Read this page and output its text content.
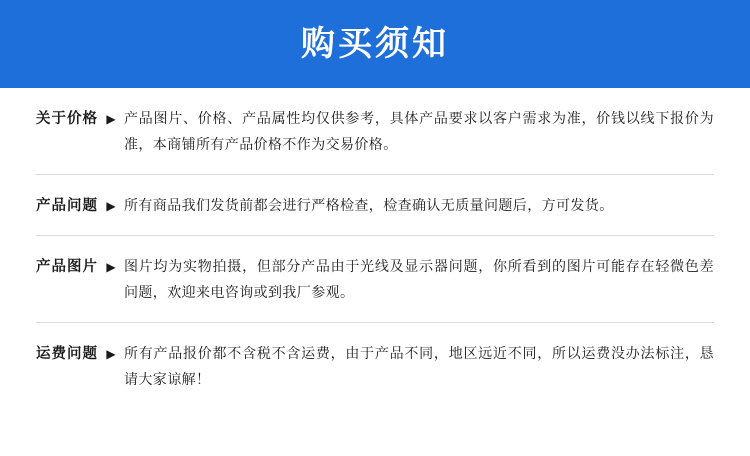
购买须知
关于价格 ▶ 产品图片、价格、产品属性均仅供参考，具体产品要求以客户需求为准，价钱以线下报价为准，本商铺所有产品价格不作为交易价格。
产品问题 ▶ 所有商品我们发货前都会进行严格检查，检查确认无质量问题后，方可发货。
产品图片 ▶ 图片均为实物拍摄，但部分产品由于光线及显示器问题，你所看到的图片可能存在轻微色差问题，欢迎来电咨询或到我厂参观。
运费问题 ▶ 所有产品报价都不含税不含运费，由于产品不同，地区远近不同，所以运费没办法标注，恳请大家谅解！
